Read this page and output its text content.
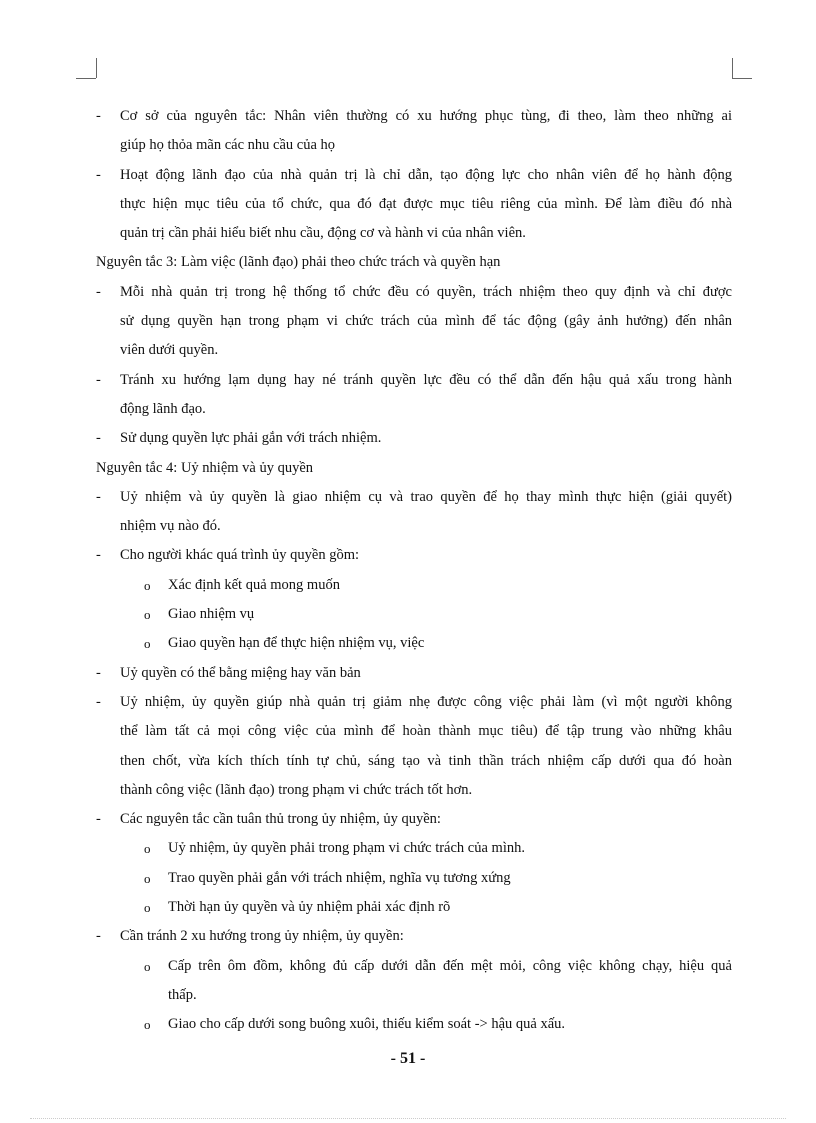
- Cơ sở của nguyên tắc: Nhân viên thường có xu hướng phục tùng, đi theo, làm theo những ai
giúp họ thỏa mãn các nhu cầu của họ
- Hoạt động lãnh đạo của nhà quản trị là chỉ dẫn, tạo động lực cho nhân viên để họ hành động
thực hiện mục tiêu của tổ chức, qua đó đạt được mục tiêu riêng của mình. Để làm điều đó nhà
quản trị cần phải hiểu biết nhu cầu, động cơ và hành vi của nhân viên.
Nguyên tắc 3: Làm việc (lãnh đạo) phải theo chức trách và quyền hạn
- Mỗi nhà quản trị trong hệ thống tổ chức đều có quyền, trách nhiệm theo quy định và chỉ được
sử dụng quyền hạn trong phạm vi chức trách của mình để tác động (gây ảnh hưởng) đến nhân
viên dưới quyền.
- Tránh xu hướng lạm dụng hay né tránh quyền lực đều có thể dẫn đến hậu quả xấu trong hành
động lãnh đạo.
- Sử dụng quyền lực phải gắn với trách nhiệm.
Nguyên tắc 4: Uỷ nhiệm và ủy quyền
- Uỷ nhiệm và ủy quyền là giao nhiệm cụ và trao quyền để họ thay mình thực hiện (giải quyết)
nhiệm vụ nào đó.
- Cho người khác quá trình ủy quyền gồm:
o Xác định kết quả mong muốn
o Giao nhiệm vụ
o Giao quyền hạn để thực hiện nhiệm vụ, việc
- Uỷ quyền có thể bằng miệng hay văn bản
- Uỷ nhiệm, ủy quyền giúp nhà quản trị giảm nhẹ được công việc phải làm (vì một người không
thể làm tất cả mọi công việc của mình để hoàn thành mục tiêu) để tập trung vào những khâu
then chốt, vừa kích thích tính tự chủ, sáng tạo và tinh thần trách nhiệm cấp dưới qua đó hoàn
thành công việc (lãnh đạo) trong phạm vi chức trách tốt hơn.
- Các nguyên tắc cần tuân thủ trong ủy nhiệm, ủy quyền:
o Uỷ nhiệm, ủy quyền phải trong phạm vi chức trách của mình.
o Trao quyền phải gắn với trách nhiệm, nghĩa vụ tương xứng
o Thời hạn ủy quyền và ủy nhiệm phải xác định rõ
- Cần tránh 2 xu hướng trong ủy nhiệm, ủy quyền:
o Cấp trên ôm đồm, không đủ cấp dưới dẫn đến mệt mỏi, công việc không chạy, hiệu quả
thấp.
o Giao cho cấp dưới song buông xuôi, thiếu kiểm soát -> hậu quả xấu.
- 51 -
